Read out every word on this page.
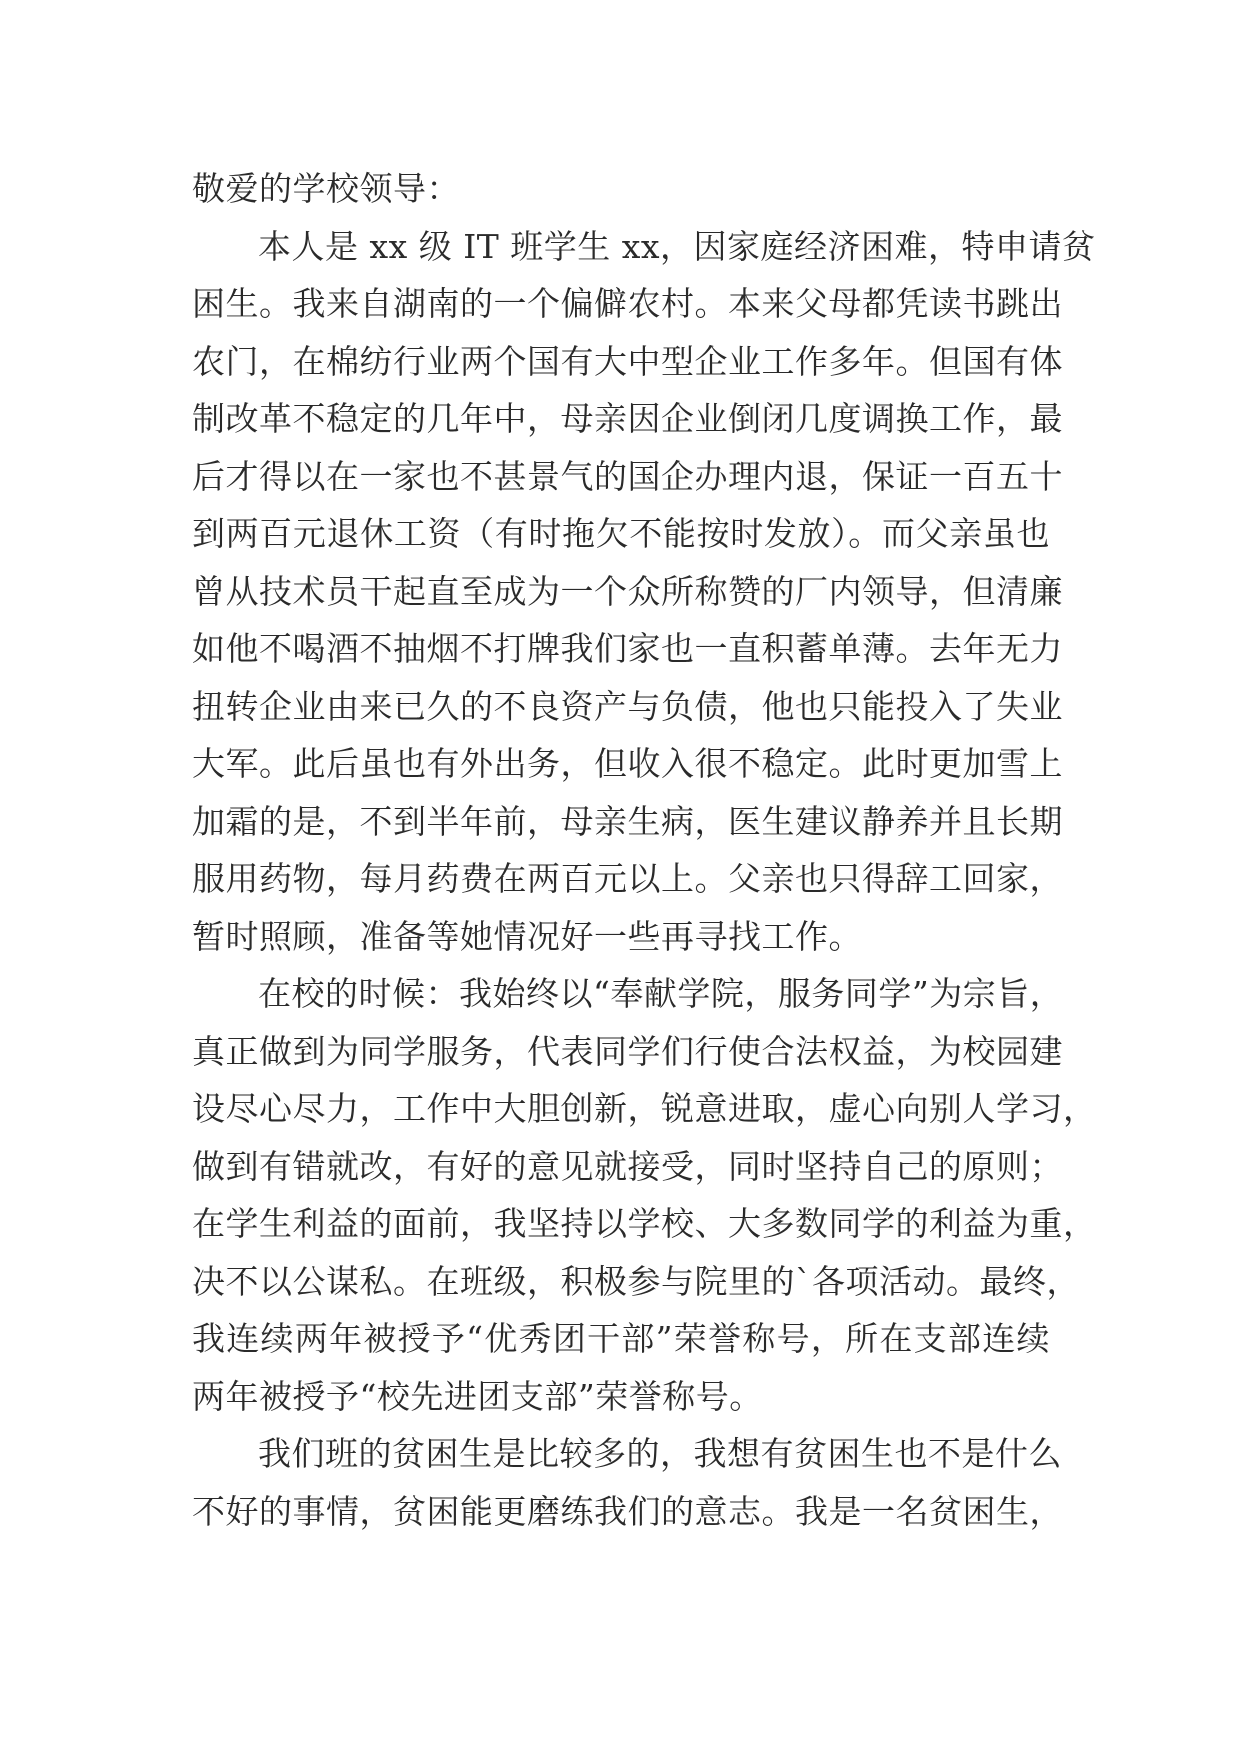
敬爱的学校领导：

本人是 xx 级 IT 班学生 xx，因家庭经济困难，特申请贫

困生。我来自湖南的一个偏僻农村。本来父母都凭读书跳出

农门，在棉纺行业两个国有大中型企业工作多年。但国有体

制改革不稳定的几年中，母亲因企业倒闭几度调换工作，最

后才得以在一家也不甚景气的国企办理内退，保证一百五十

到两百元退休工资（有时拖欠不能按时发放）。而父亲虽也

曾从技术员干起直至成为一个众所称赞的厂内领导，但清廉

如他不喝酒不抽烟不打牌我们家也一直积蓄单薄。去年无力

扭转企业由来已久的不良资产与负债，他也只能投入了失业

大军。此后虽也有外出务，但收入很不稳定。此时更加雪上

加霜的是，不到半年前，母亲生病，医生建议静养并且长期

服用药物，每月药费在两百元以上。父亲也只得辞工回家，

暂时照顾，准备等她情况好一些再寻找工作。

在校的时候：我始终以“奉献学院，服务同学”为宗旨，

真正做到为同学服务，代表同学们行使合法权益，为校园建

设尽心尽力，工作中大胆创新，锐意进取，虚心向别人学习，

做到有错就改，有好的意见就接受，同时坚持自己的原则；

在学生利益的面前，我坚持以学校、大多数同学的利益为重，

决不以公谋私。在班级，积极参与院里的`各项活动。最终，

我连续两年被授予“优秀团干部”荣誉称号，所在支部连续

两年被授予“校先进团支部”荣誉称号。

我们班的贫困生是比较多的，我想有贫困生也不是什么

不好的事情，贫困能更磨练我们的意志。我是一名贫困生，
